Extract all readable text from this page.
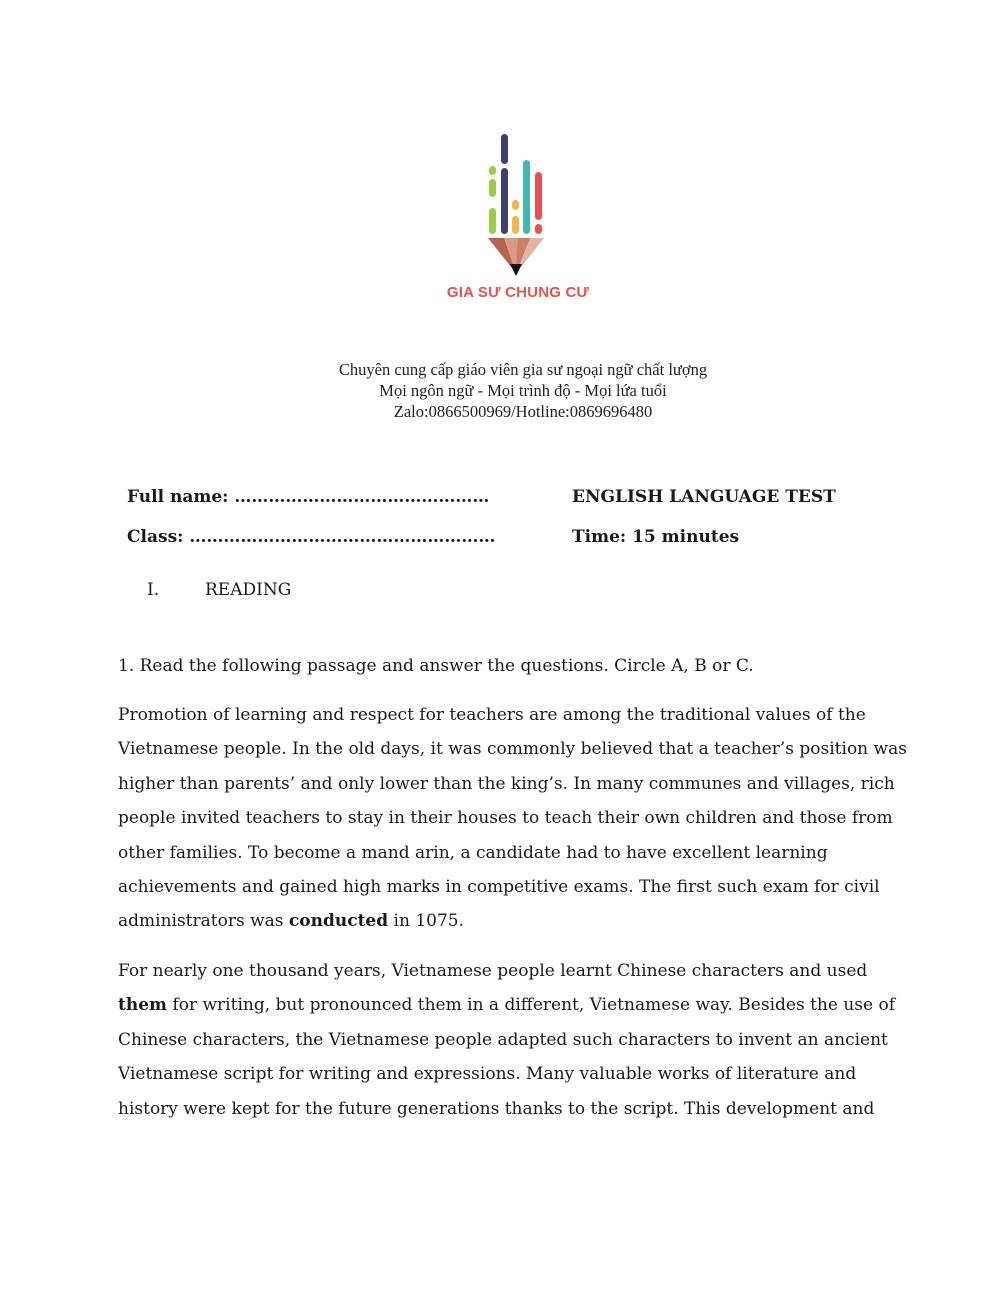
GIA SƯ CHUNG CƯ
Chuyên cung cấp giáo viên gia sư ngoại ngữ chất lượng
Mọi ngôn ngữ - Mọi trình độ - Mọi lứa tuổi
Zalo:0866500969/Hotline:0869696480
Full name: ………………………………………
Class: ………………………………………………
ENGLISH LANGUAGE TEST
Time: 15 minutes
I.	READING
1. Read the following passage and answer the questions. Circle A, B or C.
Promotion of learning and respect for teachers are among the traditional values of the
Vietnamese people. In the old days, it was commonly believed that a teacher’s position was
higher than parents’ and only lower than the king’s. In many communes and villages, rich
people invited teachers to stay in their houses to teach their own children and those from
other families. To become a mand arin, a candidate had to have excellent learning
achievements and gained high marks in competitive exams. The first such exam for civil
administrators was conducted in 1075.
For nearly one thousand years, Vietnamese people learnt Chinese characters and used
them for writing, but pronounced them in a different, Vietnamese way. Besides the use of
Chinese characters, the Vietnamese people adapted such characters to invent an ancient
Vietnamese script for writing and expressions. Many valuable works of literature and
history were kept for the future generations thanks to the script. This development and
